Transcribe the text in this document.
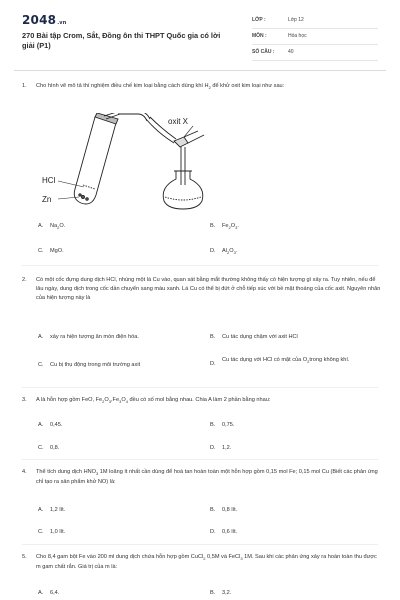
2048.vn
270 Bài tập Crom, Sắt, Đồng ôn thi THPT Quốc gia có lời giải (P1)
LỚP :	Lớp 12
MÔN :	Hóa học
SỐ CÂU :	40
1. Cho hình vẽ mô tả thí nghiệm điều chế kim loại bằng cách dùng khí $H_2$ để khử oxit kim loại như sau:
oxit X
HCl
Zn
A.	$Na_2O$.	B.	$Fe_2O_3$.
C.	MgO.	D.	$Al_2O_3$.
2. Có một cốc đựng dung dịch HCl, nhúng một lá Cu vào, quan sát bằng mắt thường không thấy có hiện tượng gì xảy ra. Tuy nhiên, nếu để lâu ngày, dung dịch trong cốc dần chuyển sang màu xanh. Lá Cu có thể bị đứt ở chỗ tiếp xúc với bề mặt thoáng của cốc axit. Nguyên nhân của hiện tượng này là
A.	xảy ra hiện tượng ăn mòn điện hóa.	B.	Cu tác dụng chậm với axit HCl
C.	Cu bị thụ động trong môi trường axit	D.
Cu tác dụng với HCl có mặt của $O_2trong$ không khí.
3. A là hỗn hợp gồm FeO, $Fe_2O_3,Fe_3O_4$ đều có số mol bằng nhau. Chia A làm 2 phần bằng nhau:
A.	0,45.	B.	0,75.
C.	0,8.	D.	1,2.
4. Thể tích dung dịch $HNO_3$ 1M loãng ít nhất cần dùng để hoà tan hoàn toàn một hỗn hợp gồm 0,15 mol Fe; 0,15 mol Cu (Biết các phản ứng chỉ tạo ra sản phẩm khử NO) là:
A.	1,2 lít.	B.	0,8 lít.
C.	1,0 lít.	D.	0,6 lít.
5. Cho 8,4 gam bột Fe vào 200 ml dung dịch chứa hỗn hợp gồm CuCl$_2$ 0,5M và FeCl$_3$ 1M. Sau khi các phản ứng xảy ra hoàn toàn thu được m gam chất rắn. Giá trị của m là:
A.	6,4.	B.	3,2.
